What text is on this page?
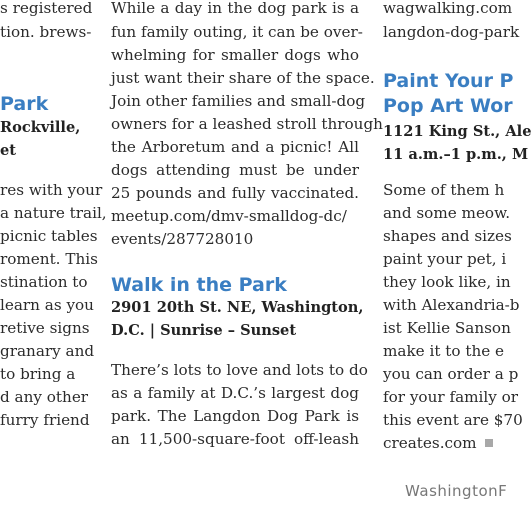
s registered
tion. brews-
Park
Rockville,
et
res with your
a nature trail,
picnic tables
roment. This
stination to
learn as you
retive signs
granary and
to bring a
d any other
furry friend
While a day in the dog park is a
fun family outing, it can be over-
whelming for smaller dogs who
just want their share of the space.
Join other families and small-dog
owners for a leashed stroll through
the Arboretum and a picnic! All
dogs attending must be under
25 pounds and fully vaccinated.
meetup.com/dmv-smalldog-dc/
events/287728010
Walk in the Park
2901 20th St. NE, Washington,
D.C. | Sunrise – Sunset
There’s lots to love and lots to do
as a family at D.C.’s largest dog
park. The Langdon Dog Park is
an 11,500-square-foot off-leash
wagwalking.com
langdon-dog-park
Paint Your P
Pop Art Wor
1121 King St., Ale
11 a.m.–1 p.m., M
Some of them h
and some meow.
shapes and sizes
paint your pet, i
they look like, in
with Alexandria-b
ist Kellie Sanson
make it to the e
you can order a p
for your family or
this event are $70
creates.com
WashingtonF
